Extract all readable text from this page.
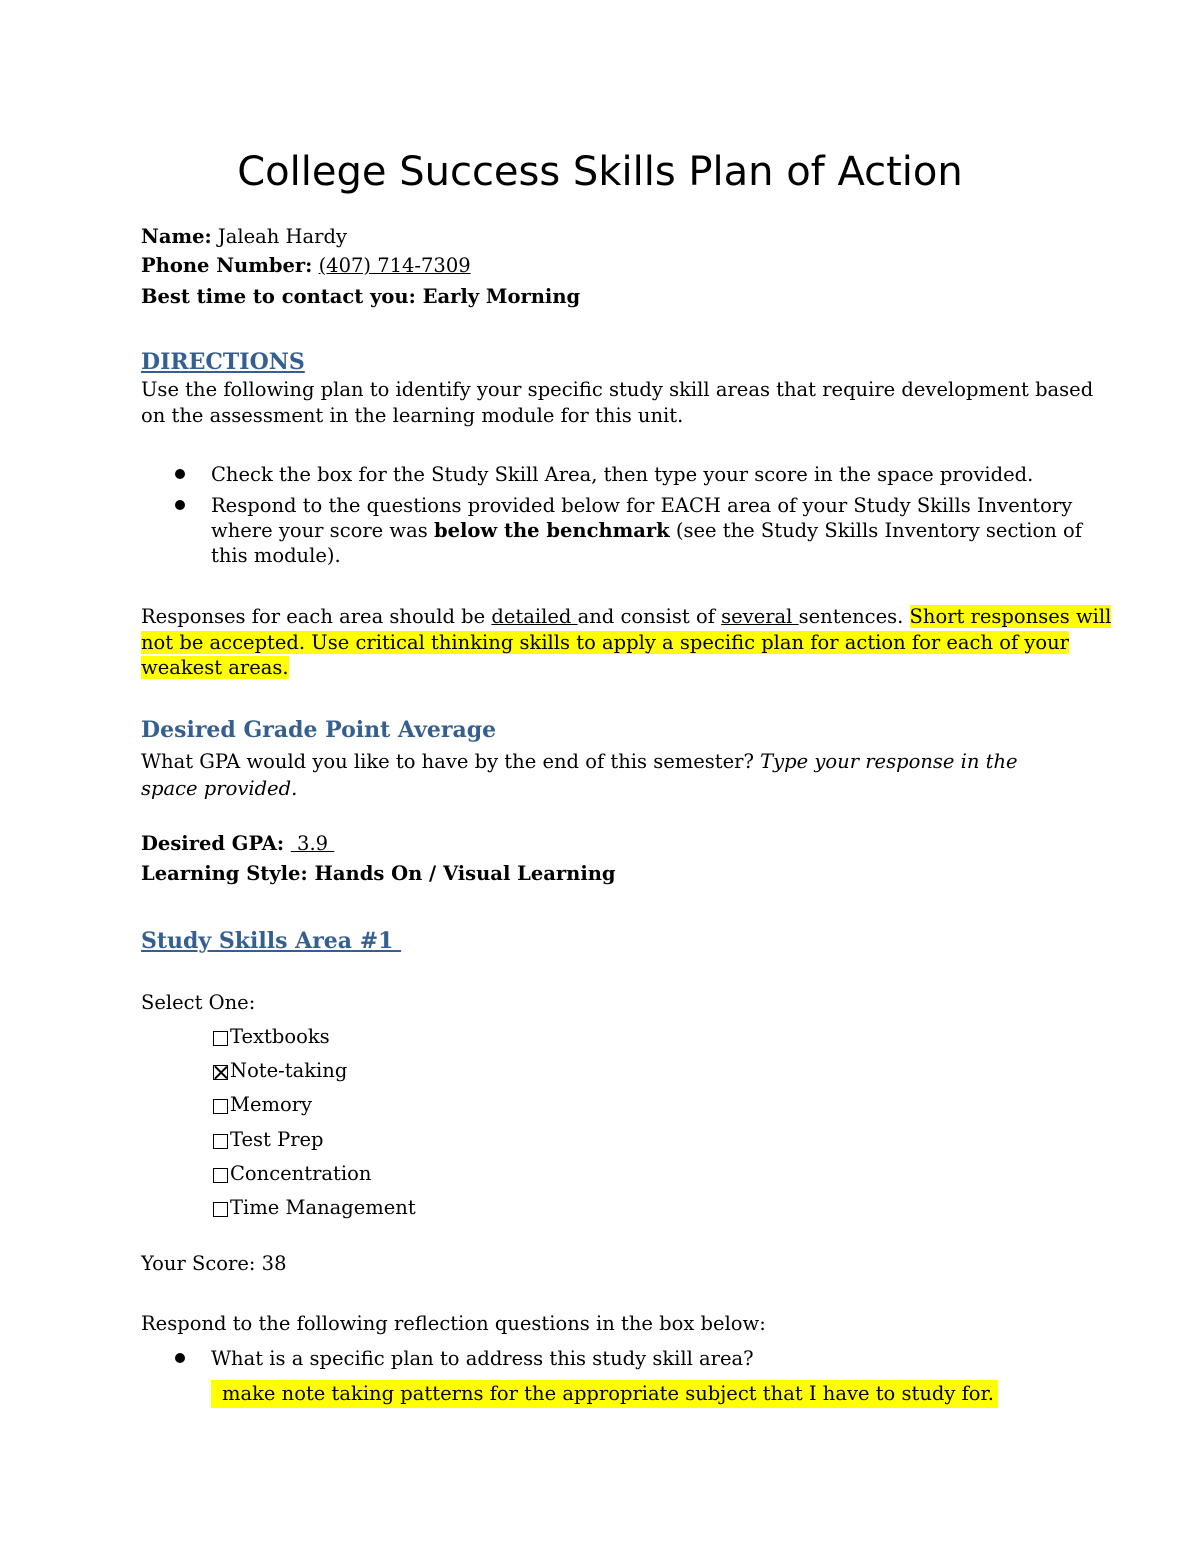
College Success Skills Plan of Action
Name: Jaleah Hardy
Phone Number: (407) 714-7309
Best time to contact you: Early Morning
DIRECTIONS
Use the following plan to identify your specific study skill areas that require development based
on the assessment in the learning module for this unit.
Check the box for the Study Skill Area, then type your score in the space provided.
Respond to the questions provided below for EACH area of your Study Skills Inventory
where your score was below the benchmark (see the Study Skills Inventory section of
this module).
Responses for each area should be detailed and consist of several sentences. Short responses will
not be accepted. Use critical thinking skills to apply a specific plan for action for each of your
weakest areas.
Desired Grade Point Average
What GPA would you like to have by the end of this semester? Type your response in the
space provided.
Desired GPA:  3.9
Learning Style: Hands On / Visual Learning
Study Skills Area #1
Select One:
Textbooks
Note-taking
Memory
Test Prep
Concentration
Time Management
Your Score: 38
Respond to the following reflection questions in the box below:
What is a specific plan to address this study skill area?
make note taking patterns for the appropriate subject that I have to study for.
